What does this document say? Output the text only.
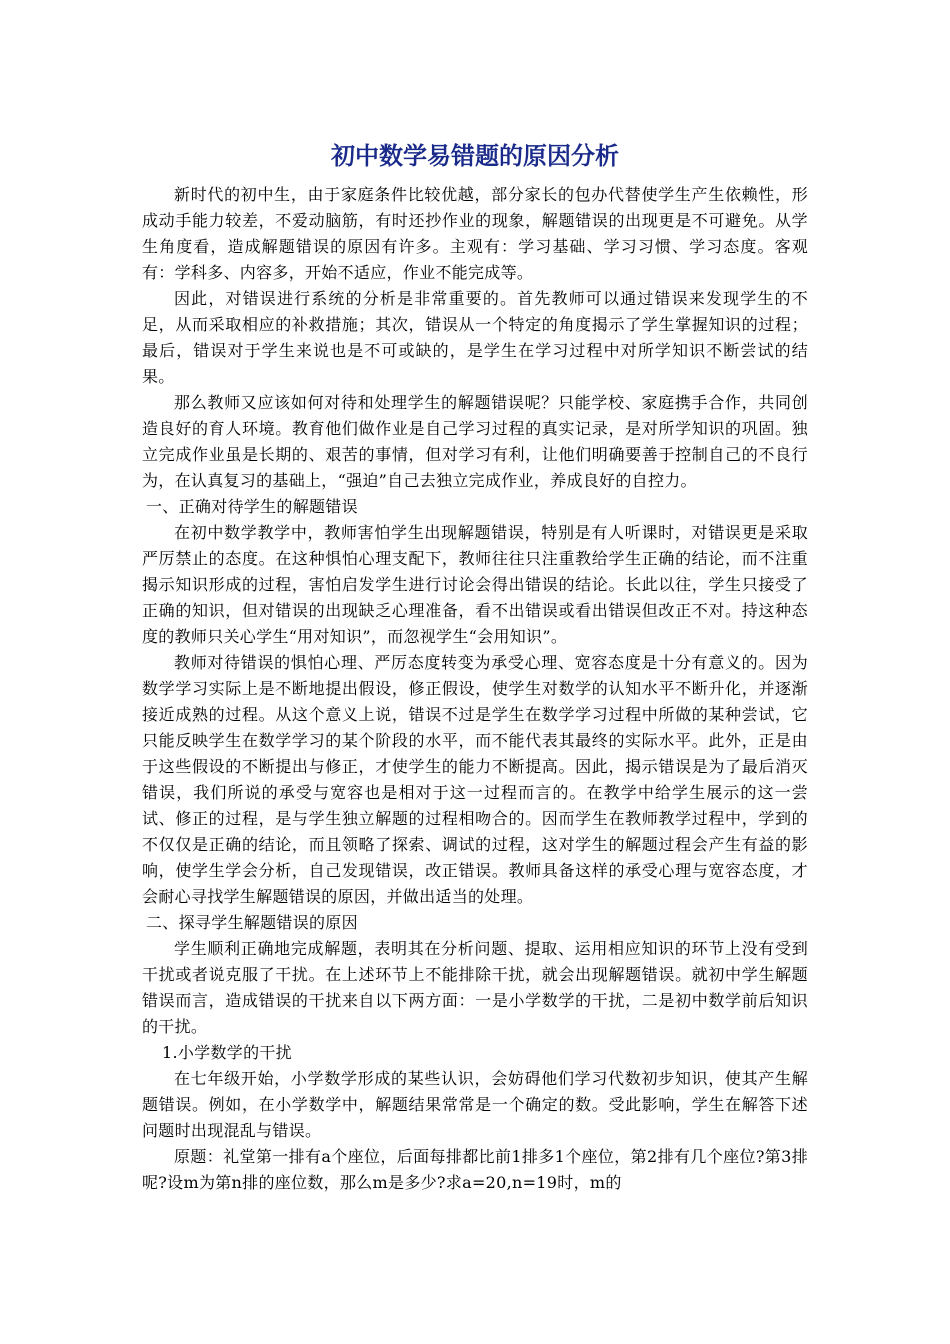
初中数学易错题的原因分析

新时代的初中生，由于家庭条件比较优越，部分家长的包办代替使学生产生依赖性，形成动手能力较差，不爱动脑筋，有时还抄作业的现象，解题错误的出现更是不可避免。从学生角度看，造成解题错误的原因有许多。主观有：学习基础、学习习惯、学习态度。客观有：学科多、内容多，开始不适应，作业不能完成等。

因此，对错误进行系统的分析是非常重要的。首先教师可以通过错误来发现学生的不足，从而采取相应的补救措施；其次，错误从一个特定的角度揭示了学生掌握知识的过程；最后，错误对于学生来说也是不可或缺的，是学生在学习过程中对所学知识不断尝试的结果。

那么教师又应该如何对待和处理学生的解题错误呢？只能学校、家庭携手合作，共同创造良好的育人环境。教育他们做作业是自己学习过程的真实记录，是对所学知识的巩固。独立完成作业虽是长期的、艰苦的事情，但对学习有利，让他们明确要善于控制自己的不良行为，在认真复习的基础上，“强迫”自己去独立完成作业，养成良好的自控力。

一、正确对待学生的解题错误

在初中数学教学中，教师害怕学生出现解题错误，特别是有人听课时，对错误更是采取严厉禁止的态度。在这种惧怕心理支配下，教师往往只注重教给学生正确的结论，而不注重揭示知识形成的过程，害怕启发学生进行讨论会得出错误的结论。长此以往，学生只接受了正确的知识，但对错误的出现缺乏心理准备，看不出错误或看出错误但改正不对。持这种态度的教师只关心学生“用对知识”，而忽视学生“会用知识”。

教师对待错误的惧怕心理、严厉态度转变为承受心理、宽容态度是十分有意义的。因为数学学习实际上是不断地提出假设，修正假设，使学生对数学的认知水平不断升化，并逐渐接近成熟的过程。从这个意义上说，错误不过是学生在数学学习过程中所做的某种尝试，它只能反映学生在数学学习的某个阶段的水平，而不能代表其最终的实际水平。此外，正是由于这些假设的不断提出与修正，才使学生的能力不断提高。因此，揭示错误是为了最后消灭错误，我们所说的承受与宽容也是相对于这一过程而言的。在教学中给学生展示的这一尝试、修正的过程，是与学生独立解题的过程相吻合的。因而学生在教师教学过程中，学到的不仅仅是正确的结论，而且领略了探索、调试的过程，这对学生的解题过程会产生有益的影响，使学生学会分析，自己发现错误，改正错误。教师具备这样的承受心理与宽容态度，才会耐心寻找学生解题错误的原因，并做出适当的处理。

二、探寻学生解题错误的原因

学生顺利正确地完成解题，表明其在分析问题、提取、运用相应知识的环节上没有受到干扰或者说克服了干扰。在上述环节上不能排除干扰，就会出现解题错误。就初中学生解题错误而言，造成错误的干扰来自以下两方面：一是小学数学的干扰，二是初中数学前后知识的干扰。

1.小学数学的干扰

在七年级开始，小学数学形成的某些认识，会妨碍他们学习代数初步知识，使其产生解题错误。例如，在小学数学中，解题结果常常是一个确定的数。受此影响，学生在解答下述问题时出现混乱与错误。

原题：礼堂第一排有a个座位，后面每排都比前1排多1个座位，第2排有几个座位?第3排呢?设m为第n排的座位数，那么m是多少?求a=20,n=19时，m的
